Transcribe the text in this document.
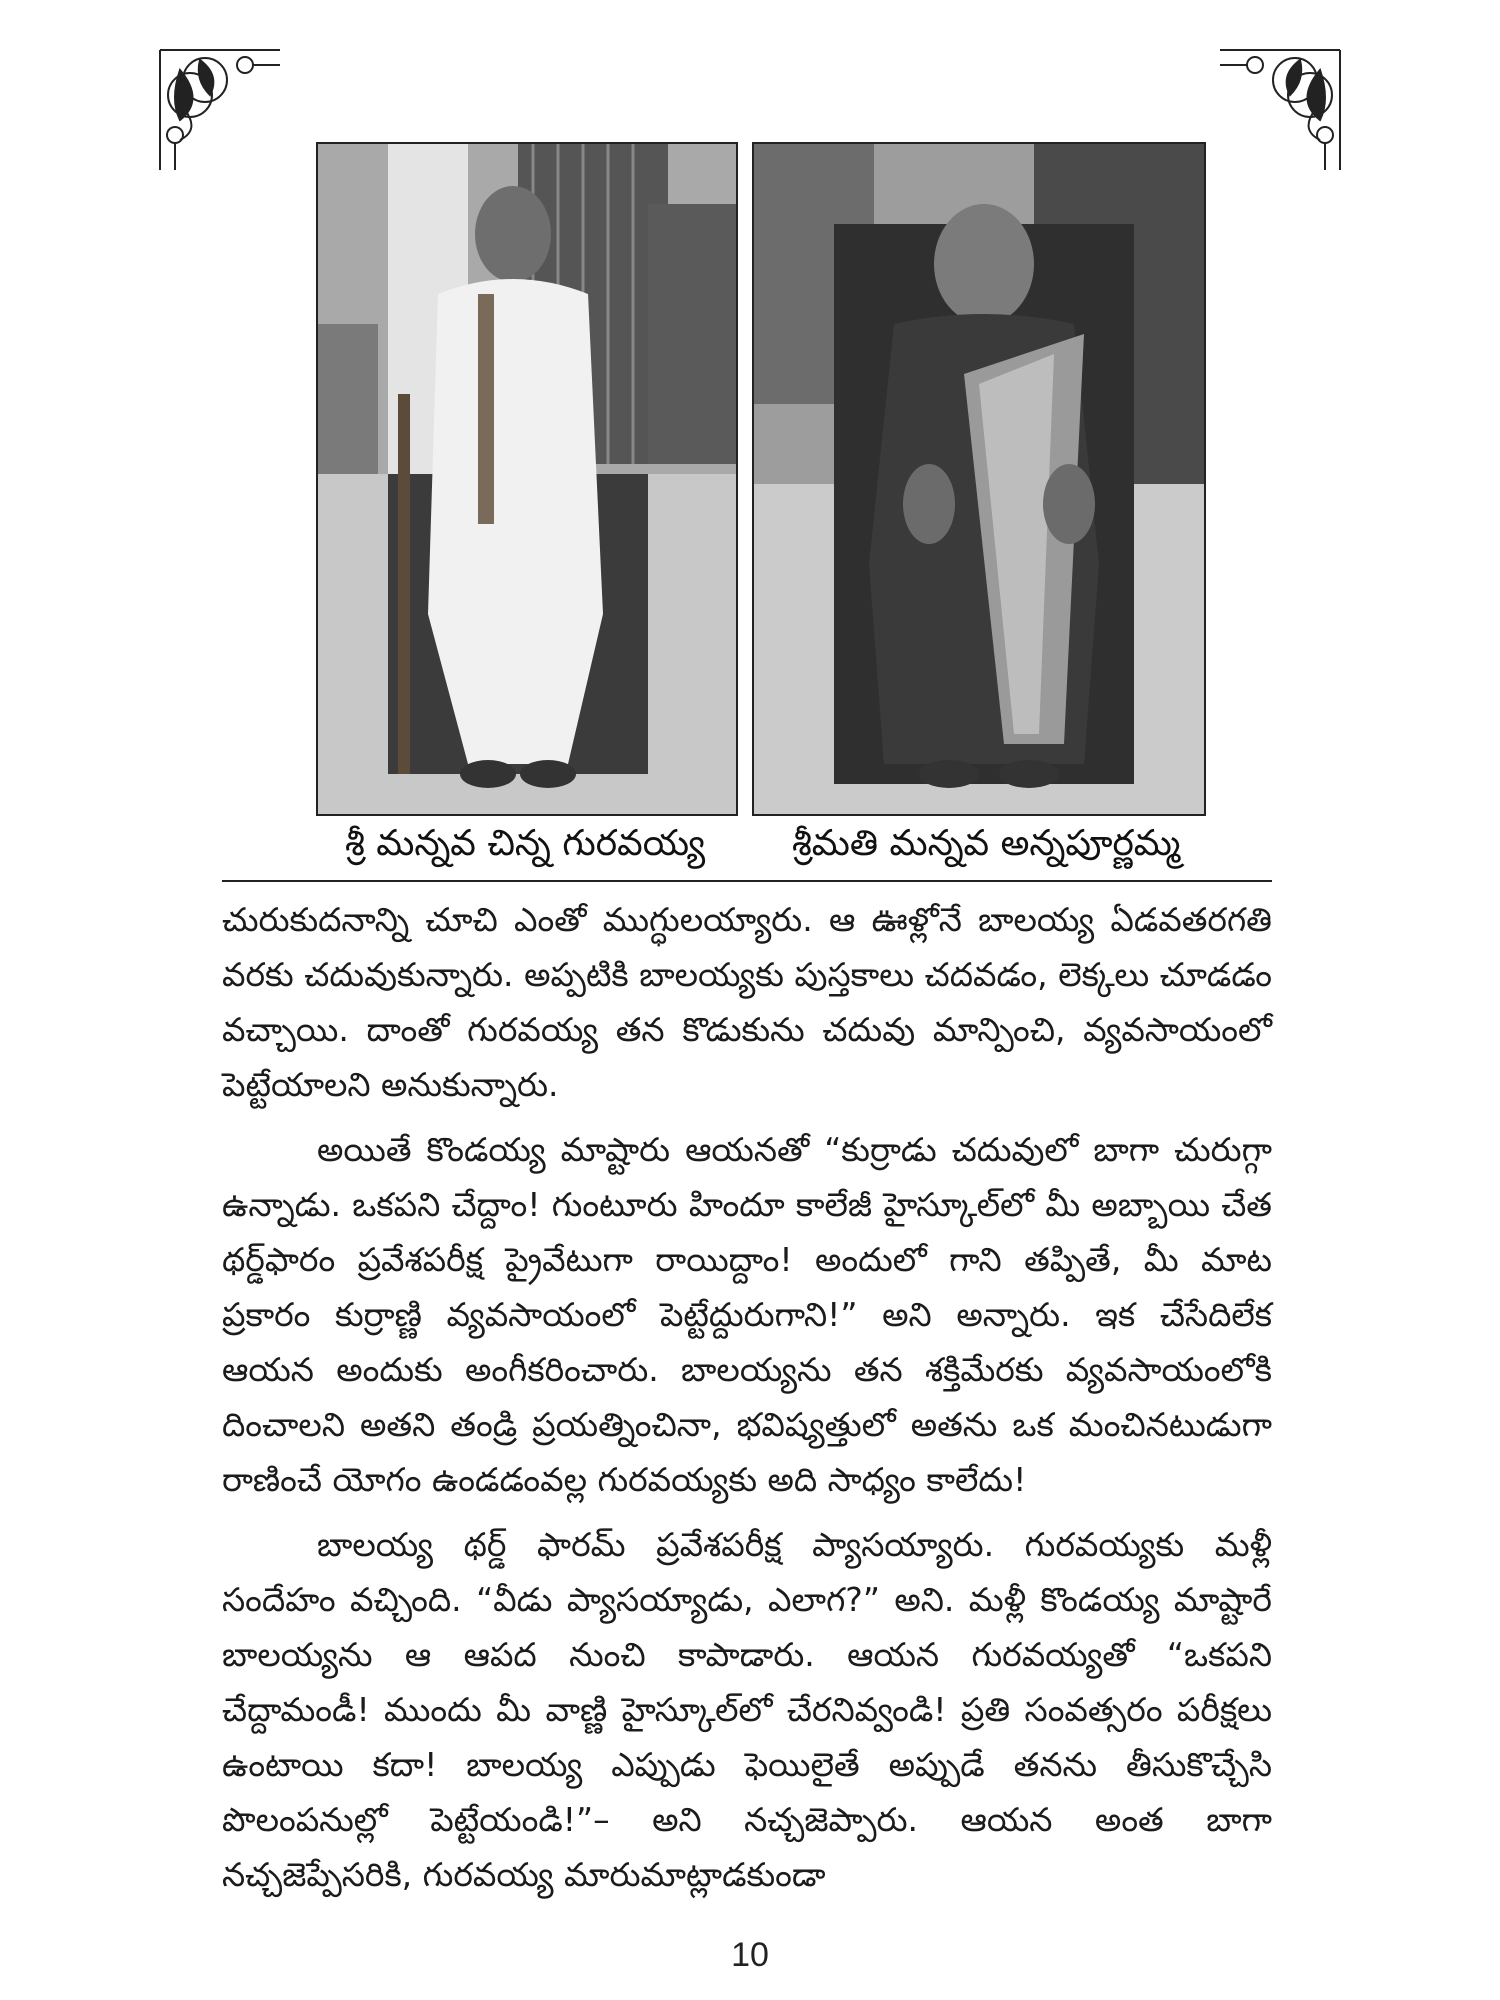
శ్రీ మన్నవ చిన్న గురవయ్య శ్రీమతి మన్నవ అన్నపూర్ణమ్మ

చురుకుదనాన్ని చూచి ఎంతో ముగ్ధులయ్యారు. ఆ ఊళ్లోనే బాలయ్య ఏడవతరగతి వరకు చదువుకున్నారు. అప్పటికి బాలయ్యకు పుస్తకాలు చదవడం, లెక్కలు చూడడం వచ్చాయి. దాంతో గురవయ్య తన కొడుకును చదువు మాన్పించి, వ్యవసాయంలో పెట్టేయాలని అనుకున్నారు.

అయితే కొండయ్య మాష్టారు ఆయనతో “కుర్రాడు చదువులో బాగా చురుగ్గా ఉన్నాడు. ఒకపని చేద్దాం! గుంటూరు హిందూ కాలేజీ హైస్కూల్‌లో మీ అబ్బాయి చేత థర్డ్‌ఫారం ప్రవేశపరీక్ష ప్రైవేటుగా రాయిద్దాం! అందులో గాని తప్పితే, మీ మాట ప్రకారం కుర్రాణ్ణి వ్యవసాయంలో పెట్టేద్దురుగాని!” అని అన్నారు. ఇక చేసేదిలేక ఆయన అందుకు అంగీకరించారు. బాలయ్యను తన శక్తిమేరకు వ్యవసాయంలోకి దించాలని అతని తండ్రి ప్రయత్నించినా, భవిష్యత్తులో అతను ఒక మంచినటుడుగా రాణించే యోగం ఉండడంవల్ల గురవయ్యకు అది సాధ్యం కాలేదు!

బాలయ్య థర్డ్ ఫారమ్ ప్రవేశపరీక్ష ప్యాసయ్యారు. గురవయ్యకు మళ్లీ సందేహం వచ్చింది. “వీడు ప్యాసయ్యాడు, ఎలాగ?” అని. మళ్లీ కొండయ్య మాష్టారే బాలయ్యను ఆ ఆపద నుంచి కాపాడారు. ఆయన గురవయ్యతో “ఒకపని చేద్దామండీ! ముందు మీ వాణ్ణి హైస్కూల్‌లో చేరనివ్వండి! ప్రతి సంవత్సరం పరీక్షలు ఉంటాయి కదా! బాలయ్య ఎప్పుడు ఫెయిలైతే అప్పుడే తనను తీసుకొచ్చేసి పొలంపనుల్లో పెట్టేయండి!”– అని నచ్చజెప్పారు. ఆయన అంత బాగా నచ్చజెప్పేసరికి, గురవయ్య మారుమాట్లాడకుండా

10
